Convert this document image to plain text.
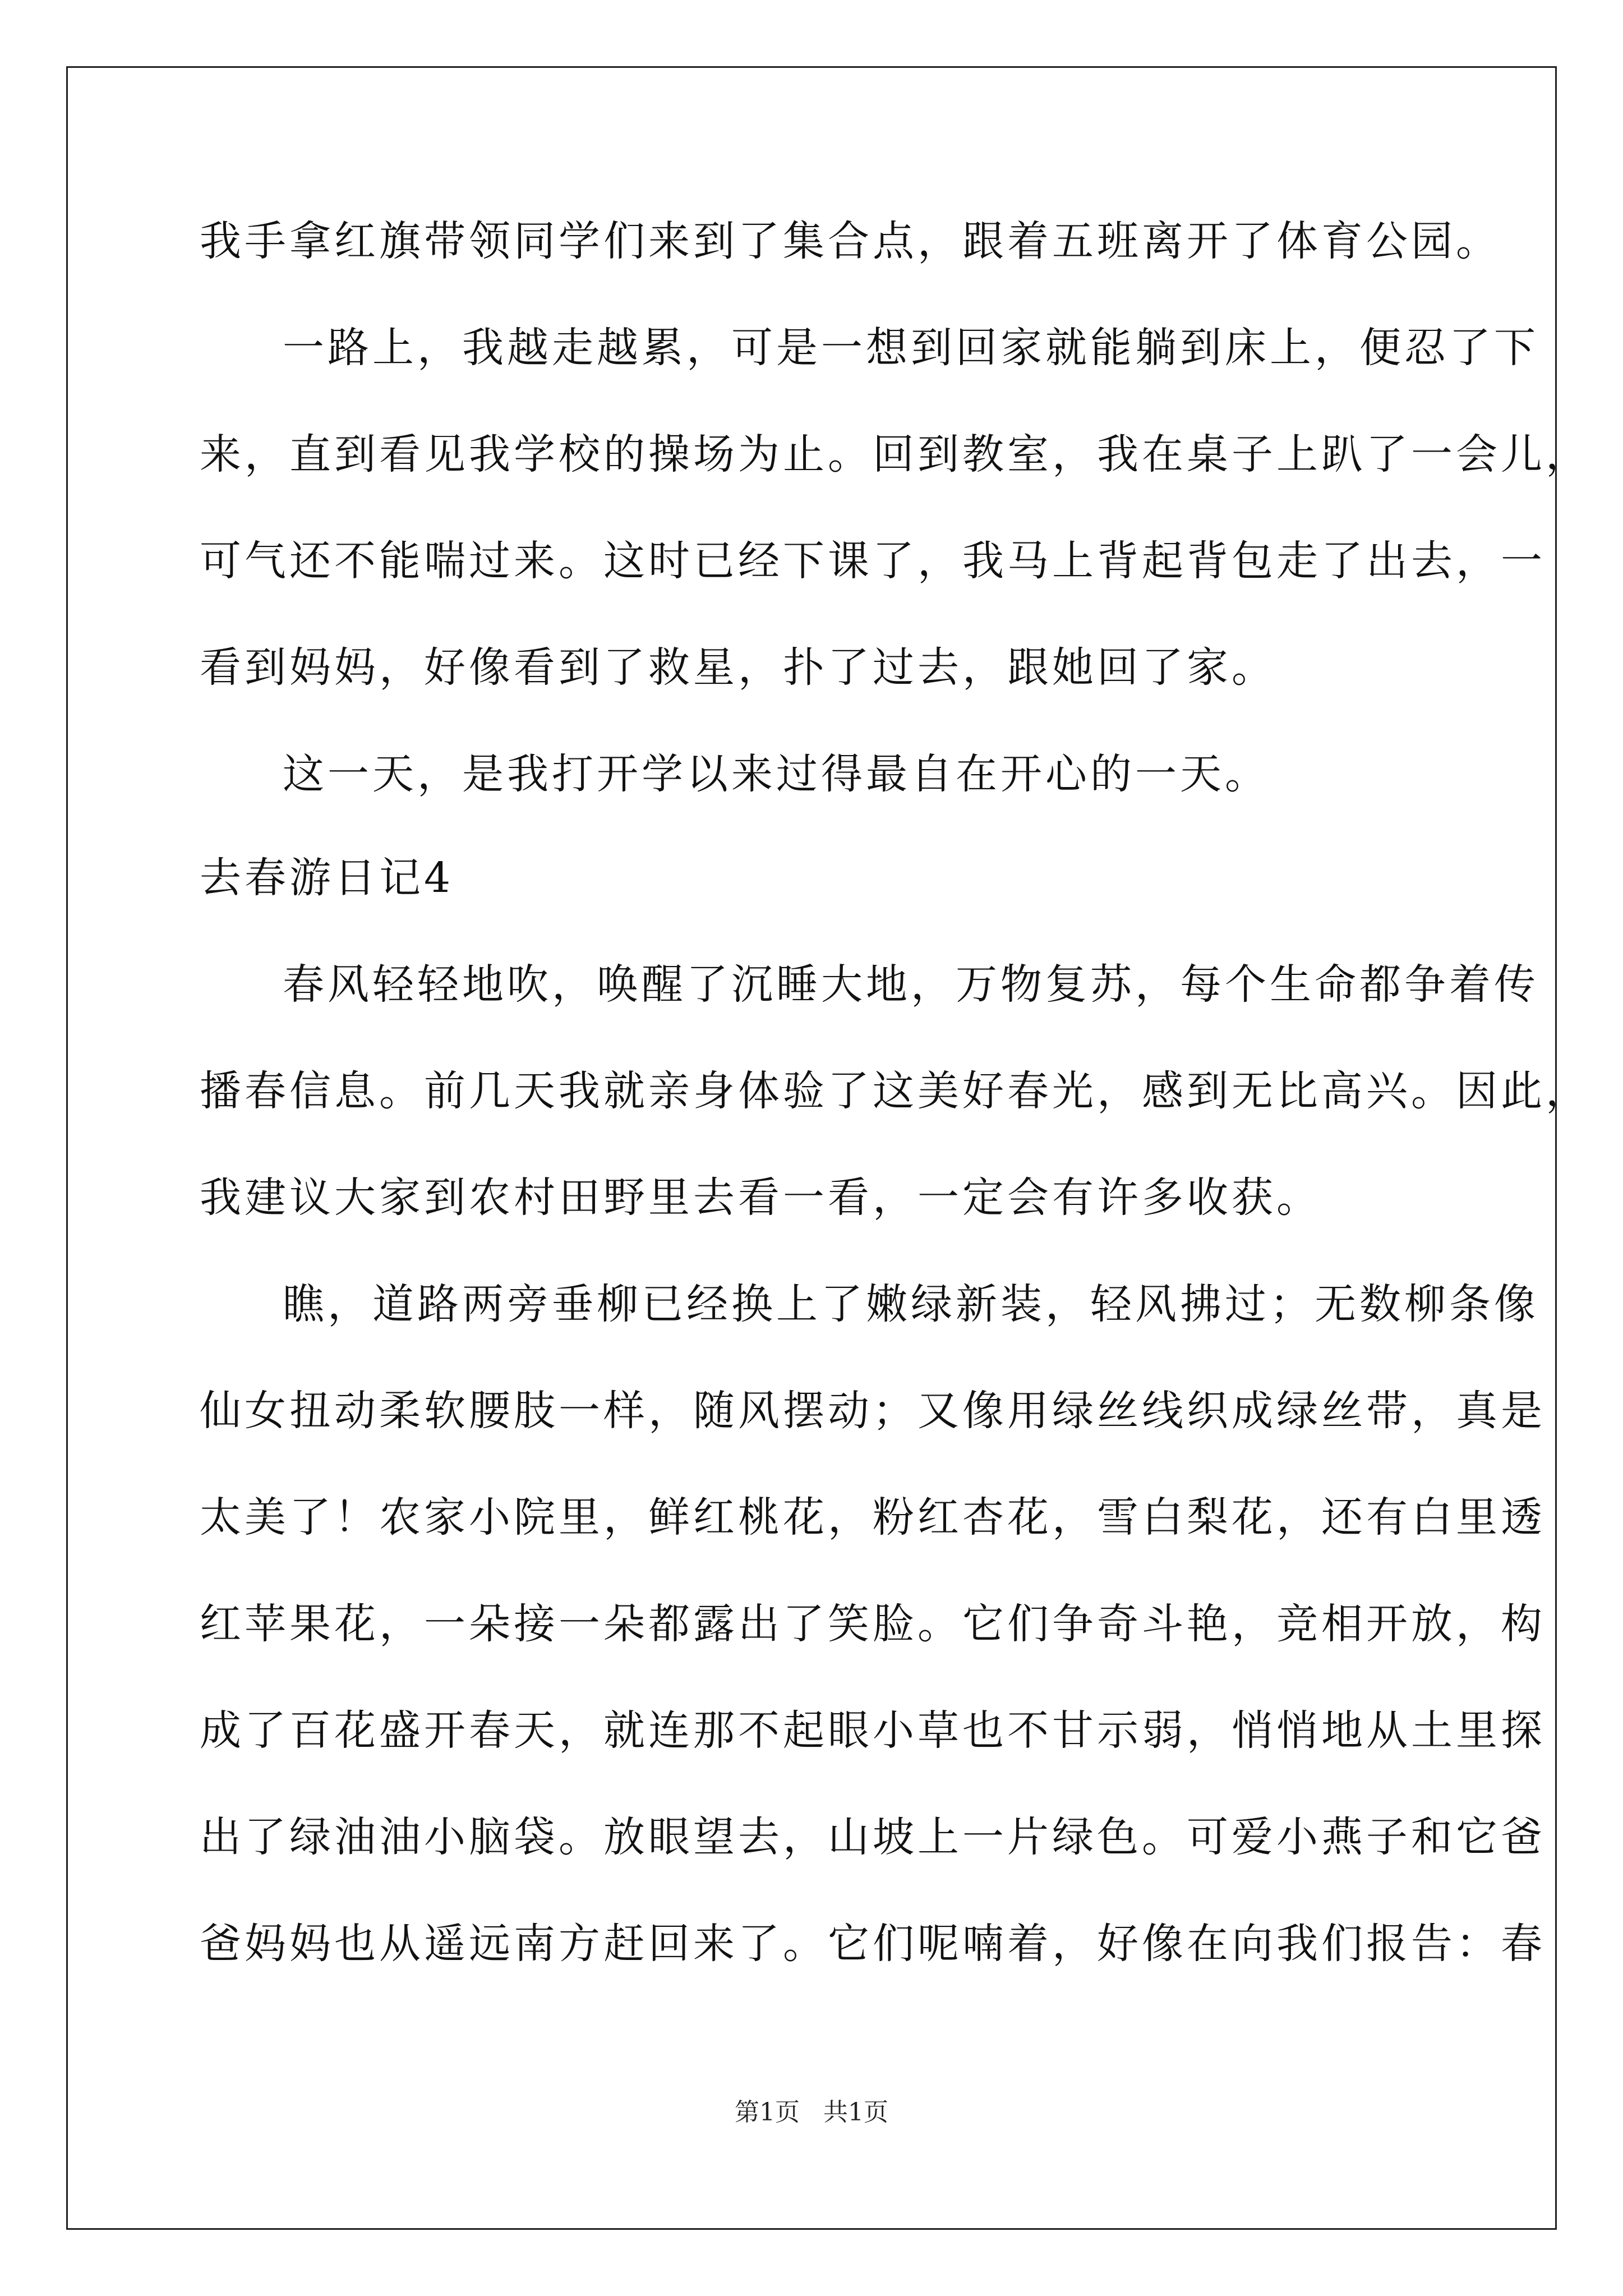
我手拿红旗带领同学们来到了集合点，跟着五班离开了体育公园。

一路上，我越走越累，可是一想到回家就能躺到床上，便忍了下

来，直到看见我学校的操场为止。回到教室，我在桌子上趴了一会儿，

可气还不能喘过来。这时已经下课了，我马上背起背包走了出去，一

看到妈妈，好像看到了救星，扑了过去，跟她回了家。

这一天，是我打开学以来过得最自在开心的一天。

去春游日记4

春风轻轻地吹，唤醒了沉睡大地，万物复苏，每个生命都争着传

播春信息。前几天我就亲身体验了这美好春光，感到无比高兴。因此，

我建议大家到农村田野里去看一看，一定会有许多收获。

瞧，道路两旁垂柳已经换上了嫩绿新装，轻风拂过；无数柳条像

仙女扭动柔软腰肢一样，随风摆动；又像用绿丝线织成绿丝带，真是

太美了！农家小院里，鲜红桃花，粉红杏花，雪白梨花，还有白里透

红苹果花，一朵接一朵都露出了笑脸。它们争奇斗艳，竞相开放，构

成了百花盛开春天，就连那不起眼小草也不甘示弱，悄悄地从土里探

出了绿油油小脑袋。放眼望去，山坡上一片绿色。可爱小燕子和它爸

爸妈妈也从遥远南方赶回来了。它们呢喃着，好像在向我们报告：春

第1页 共1页
